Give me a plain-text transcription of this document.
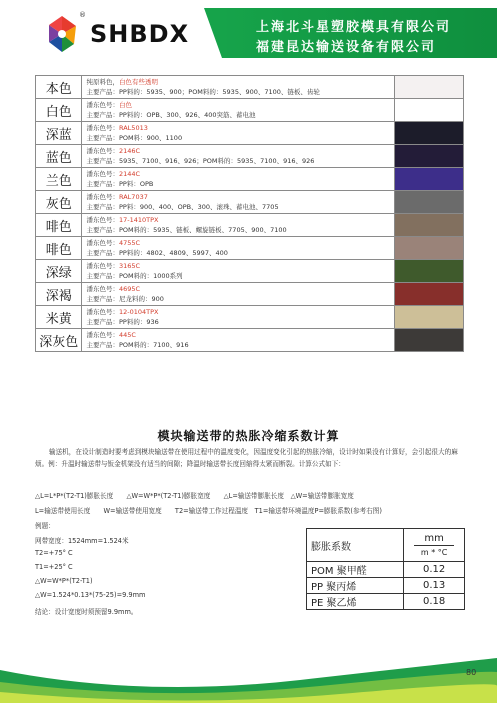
®
SHBDX	上海北斗星塑胶模具有限公司
福建昆达输送设备有限公司
本色	纯原料色，白色有些透明
主要产品：PP料的：5935、900；POM料的：5935、900、7100、链板、齿轮	

白色	潘东色号：白色
主要产品：PP料的：OPB、300、926、400突筋、蓄电池	

深蓝	潘东色号：RAL5013
主要产品：POM料：900、1100	

蓝色	潘东色号：2146C
主要产品：5935、7100、916、926；POM料的：5935、7100、916、926	

兰色	潘东色号：2144C
主要产品：PP料：OPB	

灰色	潘东色号：RAL7037
主要产品：PP料：900、400、OPB、300、滚珠、蓄电池、7705	

啡色	潘东色号：17-1410TPX
主要产品：POM料的：5935、链板、螺旋链板、7705、900、7100	

啡色	潘东色号：4755C
主要产品：PP料的：4802、4809、5997、400	

深绿	潘东色号：3165C
主要产品：POM料的：1000系列	

深褐	潘东色号：4695C
主要产品：尼龙料的：900	

米黄	潘东色号：12-0104TPX
主要产品：PP料的：936	

深灰色	潘东色号：445C
主要产品：POM料的：7100、916	

模块输送带的热胀冷缩系数计算
输送机，在设计制造时要考虑到模块输送带在使用过程中的温度变化，因温度变化引起的热胀冷缩，设计时如果没有计算好，会引起很大的麻烦。例：升温时输送带与钣金机架没有适当的间隙；降温时输送带长度回缩得太紧而断裂。计算公式如下：
△L=L*P*(T2-T1)膨胀长度　　△W=W*P*(T2-T1)膨胀宽度　　△L=输送带膨胀长度　△W=输送带膨胀宽度
L=输送带使用长度　　W=输送带使用宽度　　T2=输送带工作过程温度　T1=输送带环境温度P=膨胀系数(参考右图)
例题：
网带宽度：1524mm=1.524米
T2=+75° C
T1=+25° C
△W=W*P*(T2-T1)
△W=1.524*0.13*(75-25)=9.9mm
结论：设计宽度时须预留9.9mm。
膨胀系数	mm
m * °C

POM 聚甲醛	0.12
PP 聚丙烯	0.13
PE 聚乙烯	0.18
80
